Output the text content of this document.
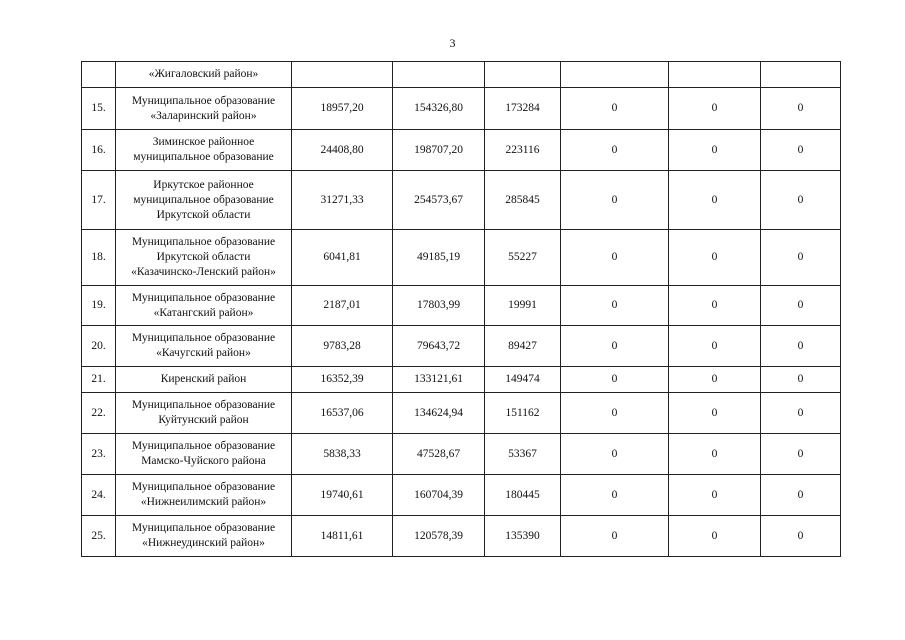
3
	«Жигаловский район»						
15.	Муниципальное образование
«Заларинский район»	18957,20	154326,80	173284	0	0	0
16.	Зиминское районное
муниципальное образование	24408,80	198707,20	223116	0	0	0
17.	Иркутское районное
муниципальное образование
Иркутской области	31271,33	254573,67	285845	0	0	0
18.	Муниципальное образование
Иркутской области
«Казачинско-Ленский район»	6041,81	49185,19	55227	0	0	0
19.	Муниципальное образование
«Катангский район»	2187,01	17803,99	19991	0	0	0
20.	Муниципальное образование
«Качугский район»	9783,28	79643,72	89427	0	0	0
21.	Киренский район	16352,39	133121,61	149474	0	0	0
22.	Муниципальное образование
Куйтунский район	16537,06	134624,94	151162	0	0	0
23.	Муниципальное образование
Мамско-Чуйского района	5838,33	47528,67	53367	0	0	0
24.	Муниципальное образование
«Нижнеилимский район»	19740,61	160704,39	180445	0	0	0
25.	Муниципальное образование
«Нижнеудинский район»	14811,61	120578,39	135390	0	0	0
